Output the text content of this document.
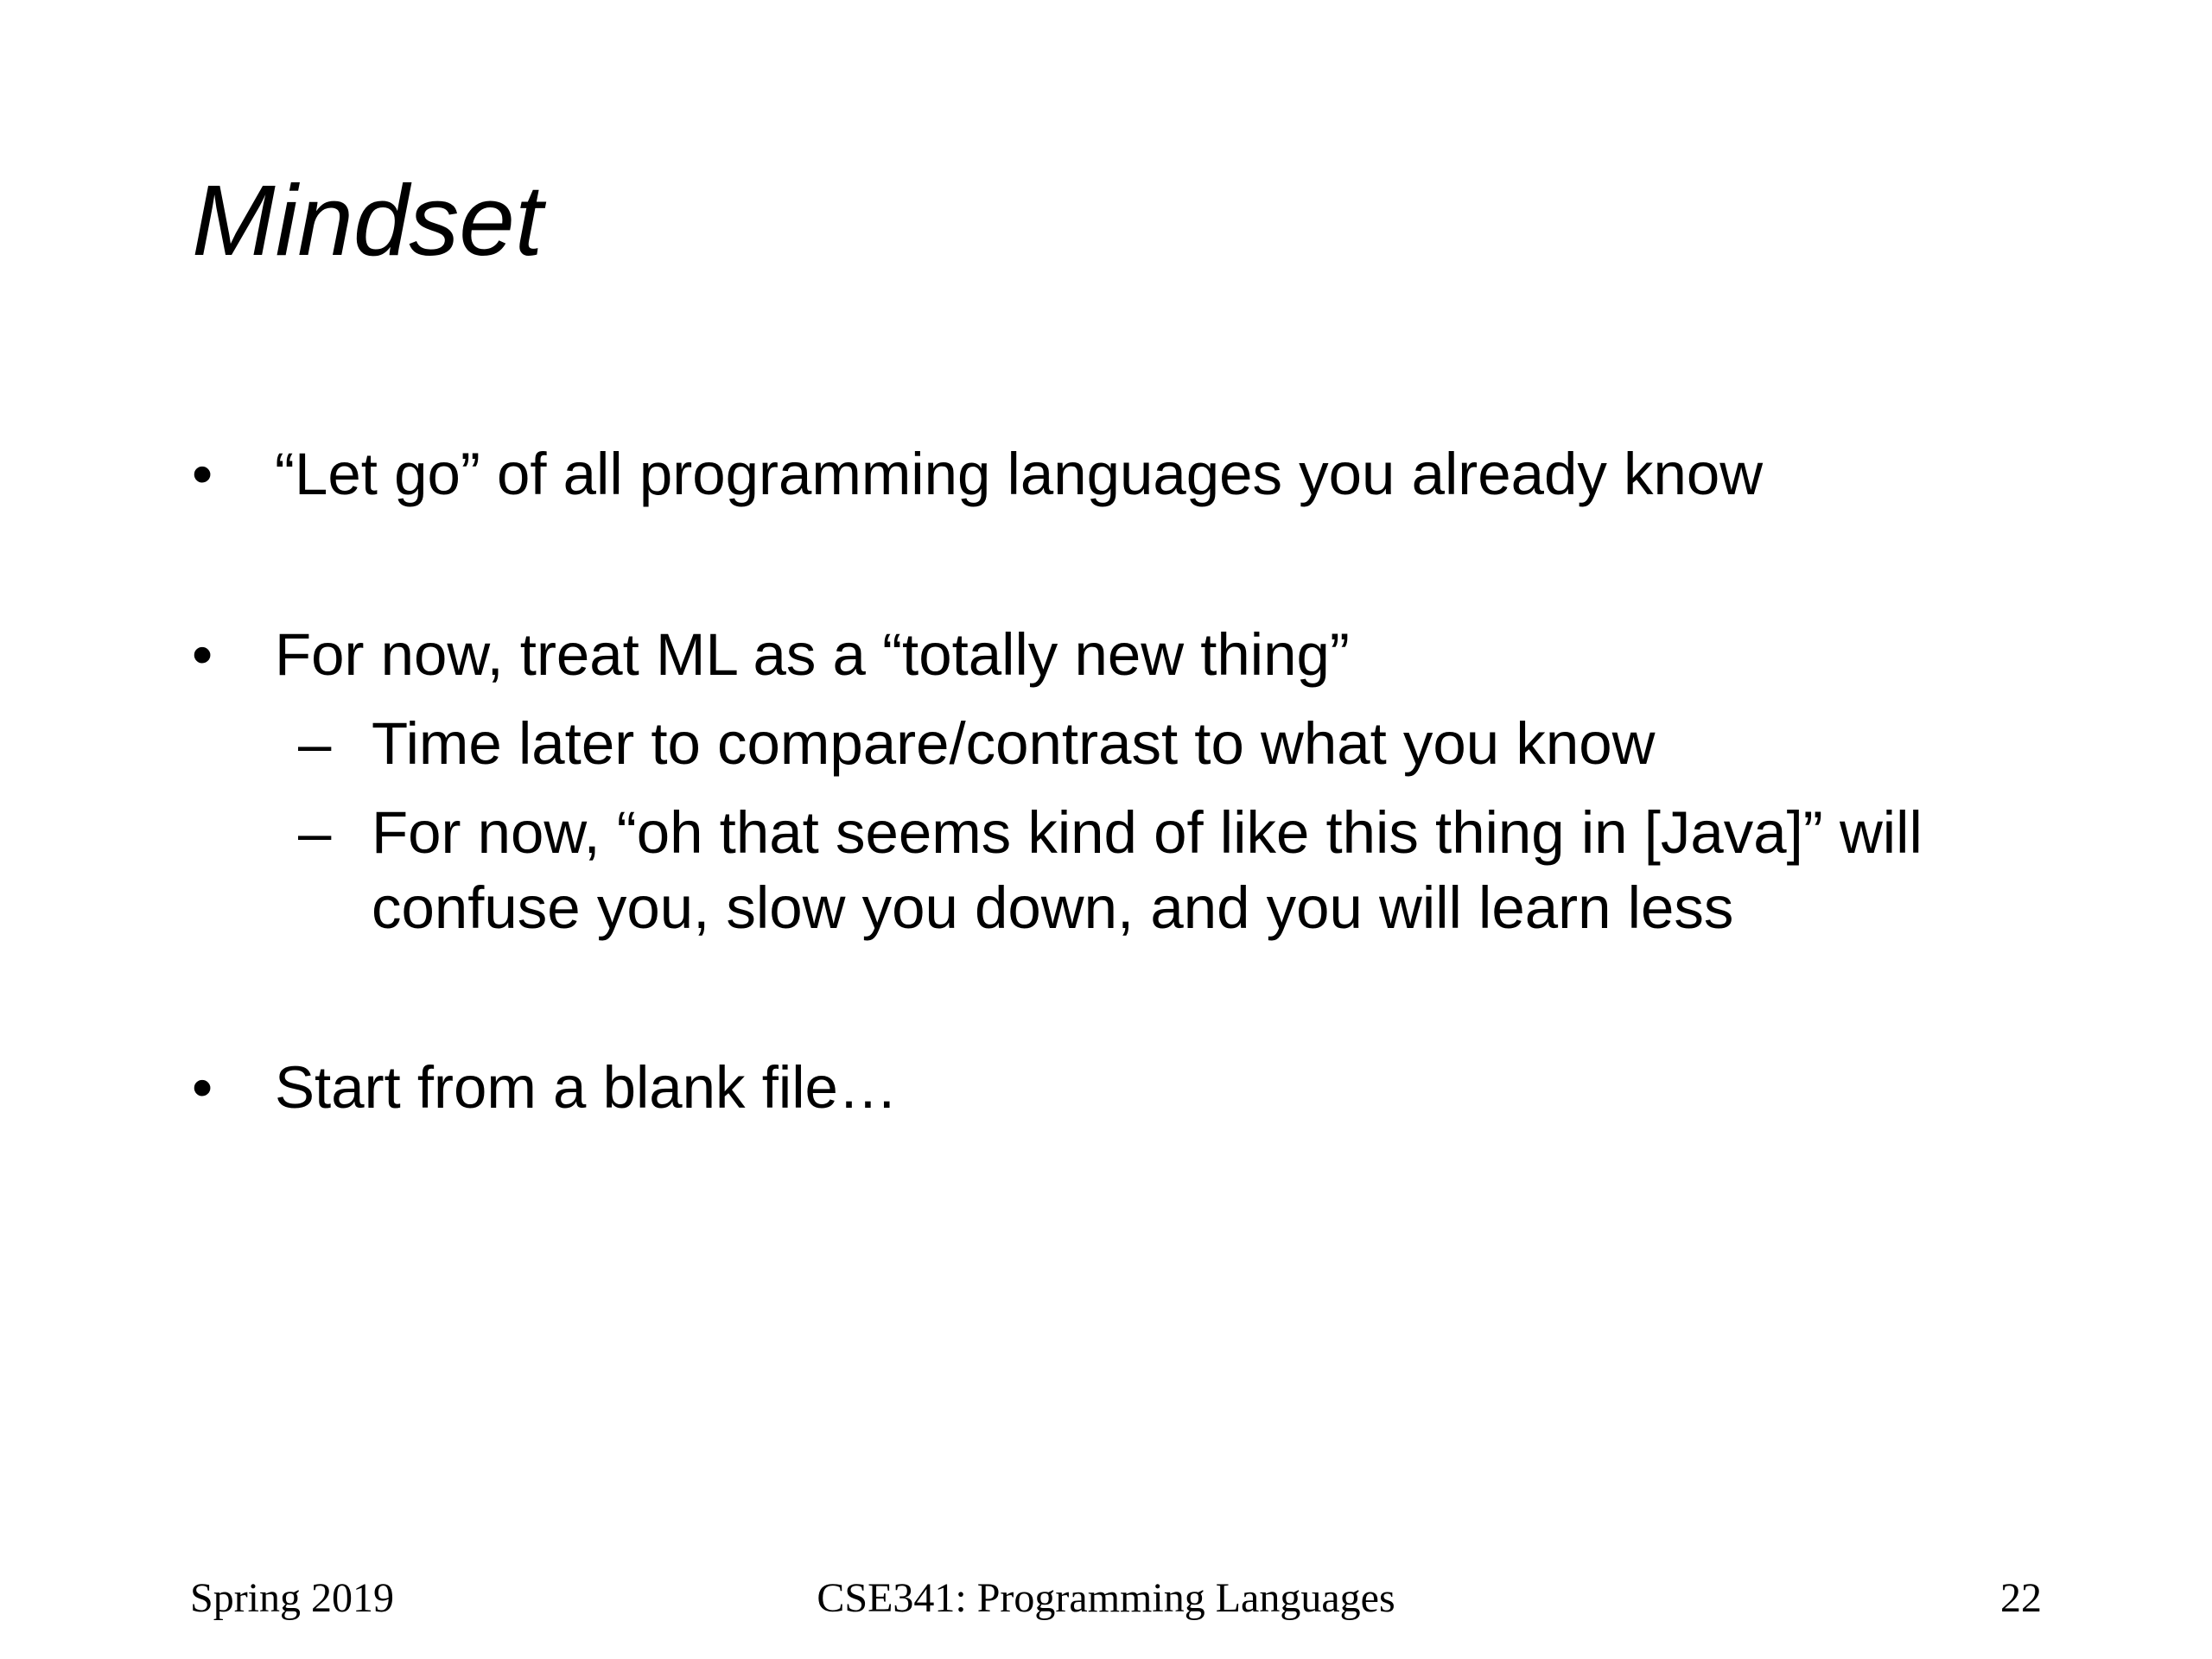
Mindset
• “Let go” of all programming languages you already know
• For now, treat ML as a “totally new thing”
– Time later to compare/contrast to what you know
– For now, “oh that seems kind of like this thing in [Java]” will
confuse you, slow you down, and you will learn less
• Start from a blank file…
Spring 2019	CSE341: Programming Languages	22
